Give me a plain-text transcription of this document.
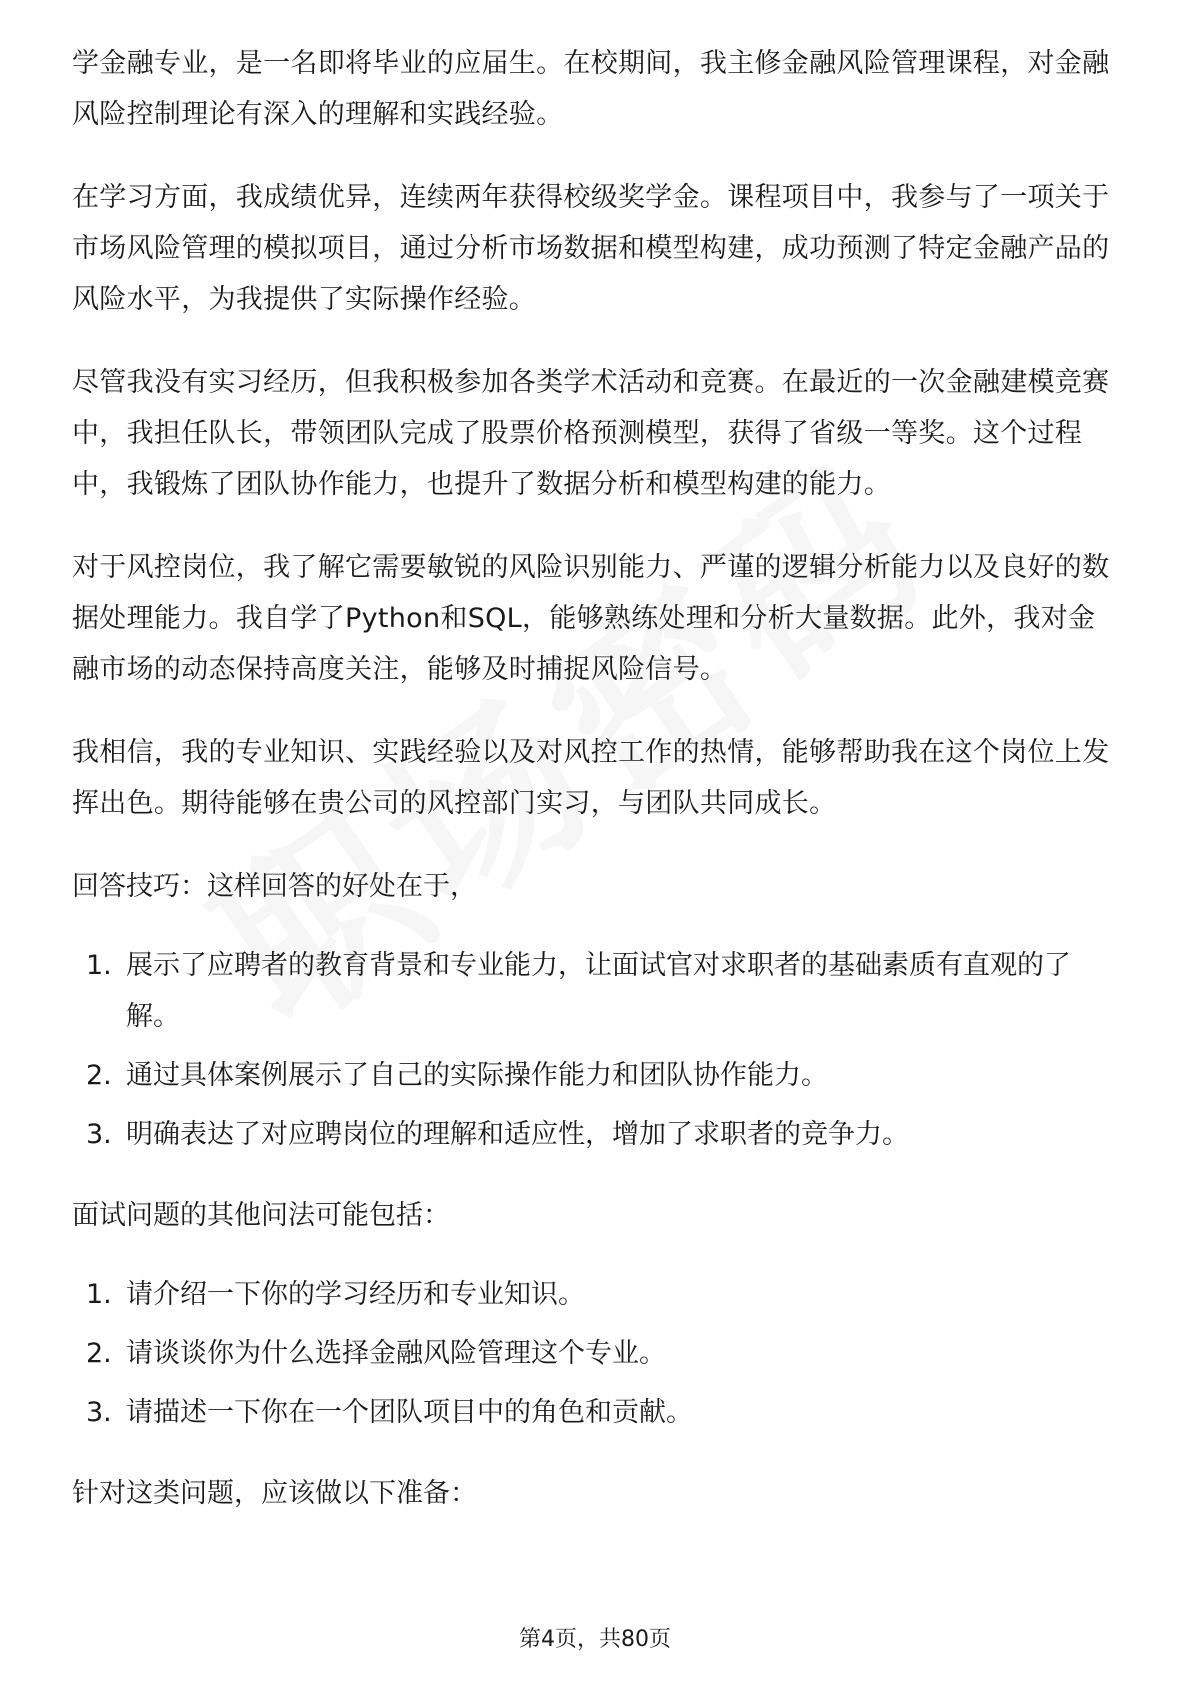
学金融专业，是一名即将毕业的应届生。在校期间，我主修金融风险管理课程，对金融风险控制理论有深入的理解和实践经验。

在学习方面，我成绩优异，连续两年获得校级奖学金。课程项目中，我参与了一项关于市场风险管理的模拟项目，通过分析市场数据和模型构建，成功预测了特定金融产品的风险水平，为我提供了实际操作经验。

尽管我没有实习经历，但我积极参加各类学术活动和竞赛。在最近的一次金融建模竞赛中，我担任队长，带领团队完成了股票价格预测模型，获得了省级一等奖。这个过程中，我锻炼了团队协作能力，也提升了数据分析和模型构建的能力。

对于风控岗位，我了解它需要敏锐的风险识别能力、严谨的逻辑分析能力以及良好的数据处理能力。我自学了Python和SQL，能够熟练处理和分析大量数据。此外，我对金融市场的动态保持高度关注，能够及时捕捉风险信号。

我相信，我的专业知识、实践经验以及对风控工作的热情，能够帮助我在这个岗位上发挥出色。期待能够在贵公司的风控部门实习，与团队共同成长。

回答技巧：这样回答的好处在于，

1. 展示了应聘者的教育背景和专业能力，让面试官对求职者的基础素质有直观的了解。
2. 通过具体案例展示了自己的实际操作能力和团队协作能力。
3. 明确表达了对应聘岗位的理解和适应性，增加了求职者的竞争力。

面试问题的其他问法可能包括：

1. 请介绍一下你的学习经历和专业知识。
2. 请谈谈你为什么选择金融风险管理这个专业。
3. 请描述一下你在一个团队项目中的角色和贡献。

针对这类问题，应该做以下准备：

第4页，共80页
